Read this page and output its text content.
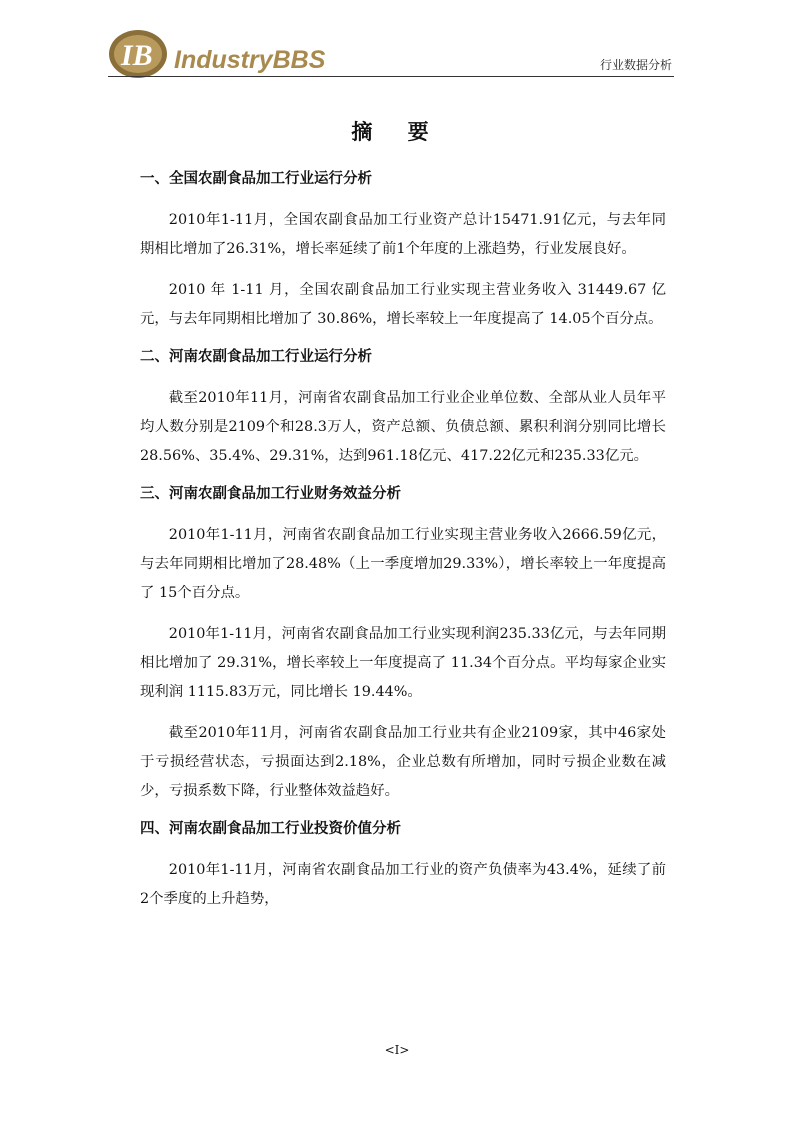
IB IndustryBBS	行业数据分析
摘 要
一、全国农副食品加工行业运行分析

2010年1-11月，全国农副食品加工行业资产总计15471.91亿元，与去年同期相比增加了26.31%，增长率延续了前1个年度的上涨趋势，行业发展良好。

2010 年 1-11 月，全国农副食品加工行业实现主营业务收入 31449.67 亿元，与去年同期相比增加了 30.86%，增长率较上一年度提高了 14.05个百分点。

二、河南农副食品加工行业运行分析

截至2010年11月，河南省农副食品加工行业企业单位数、全部从业人员年平均人数分别是2109个和28.3万人，资产总额、负债总额、累积利润分别同比增长28.56%、35.4%、29.31%，达到961.18亿元、417.22亿元和235.33亿元。

三、河南农副食品加工行业财务效益分析

2010年1-11月，河南省农副食品加工行业实现主营业务收入2666.59亿元，与去年同期相比增加了28.48%（上一季度增加29.33%），增长率较上一年度提高了 15个百分点。

2010年1-11月，河南省农副食品加工行业实现利润235.33亿元，与去年同期相比增加了 29.31%，增长率较上一年度提高了 11.34个百分点。平均每家企业实现利润 1115.83万元，同比增长 19.44%。

截至2010年11月，河南省农副食品加工行业共有企业2109家，其中46家处于亏损经营状态，亏损面达到2.18%，企业总数有所增加，同时亏损企业数在减少，亏损系数下降，行业整体效益趋好。

四、河南农副食品加工行业投资价值分析

2010年1-11月，河南省农副食品加工行业的资产负债率为43.4%，延续了前2个季度的上升趋势，

<I>
